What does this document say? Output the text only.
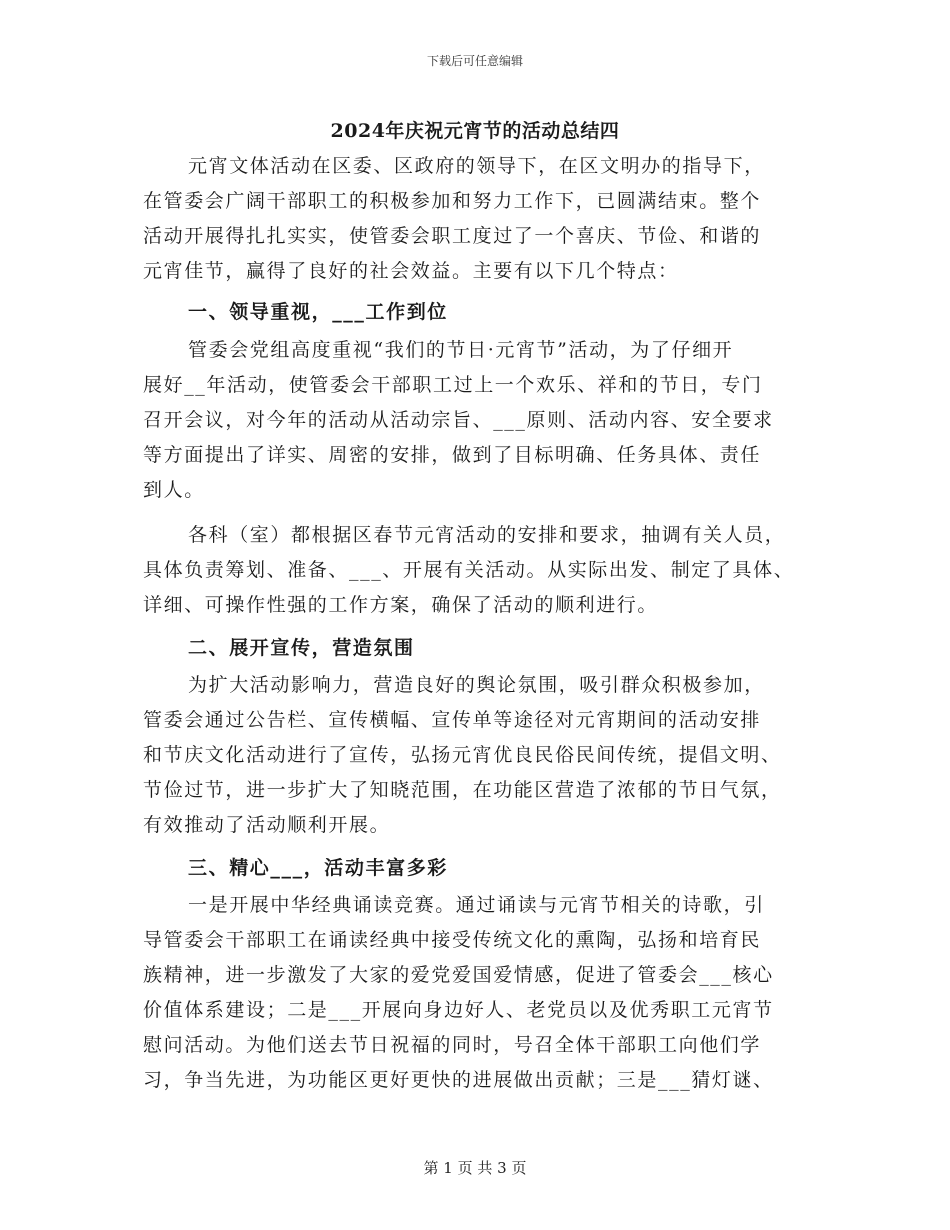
下载后可任意编辑
2024年庆祝元宵节的活动总结四
元宵文体活动在区委、区政府的领导下，在区文明办的指导下，
在管委会广阔干部职工的积极参加和努力工作下，已圆满结束。整个
活动开展得扎扎实实，使管委会职工度过了一个喜庆、节俭、和谐的
元宵佳节，赢得了良好的社会效益。主要有以下几个特点：
一、领导重视，___工作到位
管委会党组高度重视“我们的节日·元宵节”活动，为了仔细开
展好__年活动，使管委会干部职工过上一个欢乐、祥和的节日，专门
召开会议，对今年的活动从活动宗旨、___原则、活动内容、安全要求
等方面提出了详实、周密的安排，做到了目标明确、任务具体、责任
到人。
各科（室）都根据区春节元宵活动的安排和要求，抽调有关人员，
具体负责筹划、准备、___、开展有关活动。从实际出发、制定了具体、
详细、可操作性强的工作方案，确保了活动的顺利进行。
二、展开宣传，营造氛围
为扩大活动影响力，营造良好的舆论氛围，吸引群众积极参加，
管委会通过公告栏、宣传横幅、宣传单等途径对元宵期间的活动安排
和节庆文化活动进行了宣传，弘扬元宵优良民俗民间传统，提倡文明、
节俭过节，进一步扩大了知晓范围，在功能区营造了浓郁的节日气氛，
有效推动了活动顺利开展。
三、精心___，活动丰富多彩
一是开展中华经典诵读竞赛。通过诵读与元宵节相关的诗歌，引
导管委会干部职工在诵读经典中接受传统文化的熏陶，弘扬和培育民
族精神，进一步激发了大家的爱党爱国爱情感，促进了管委会___核心
价值体系建设；二是___开展向身边好人、老党员以及优秀职工元宵节
慰问活动。为他们送去节日祝福的同时，号召全体干部职工向他们学
习，争当先进，为功能区更好更快的进展做出贡献；三是___猜灯谜、
第 1 页 共 3 页
